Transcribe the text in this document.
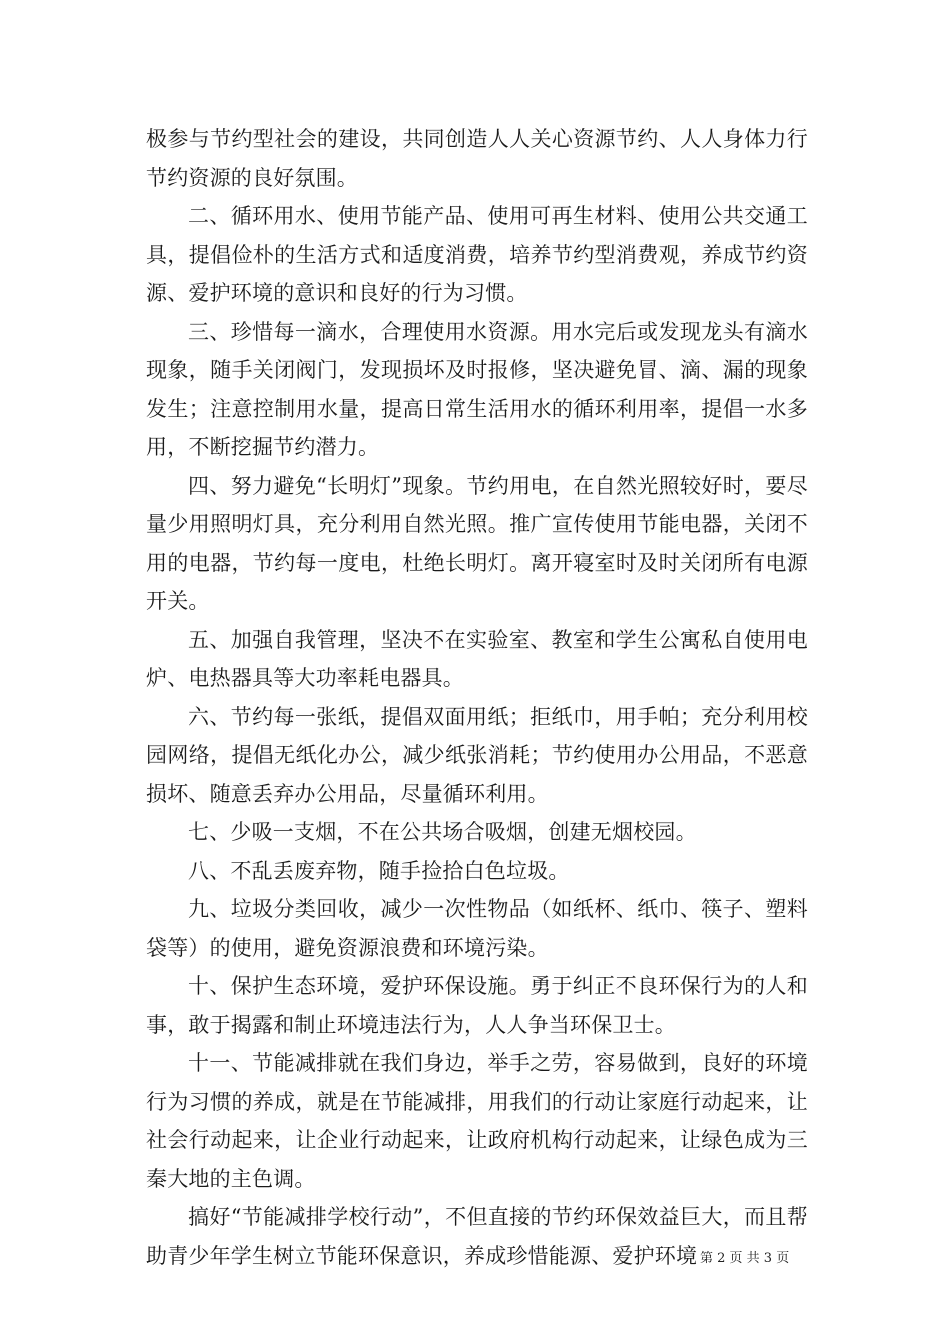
极参与节约型社会的建设，共同创造人人关心资源节约、人人身体力行节约资源的良好氛围。

二、循环用水、使用节能产品、使用可再生材料、使用公共交通工具，提倡俭朴的生活方式和适度消费，培养节约型消费观，养成节约资源、爱护环境的意识和良好的行为习惯。

三、珍惜每一滴水，合理使用水资源。用水完后或发现龙头有滴水现象，随手关闭阀门，发现损坏及时报修，坚决避免冒、滴、漏的现象发生；注意控制用水量，提高日常生活用水的循环利用率，提倡一水多用，不断挖掘节约潜力。

四、努力避免“长明灯”现象。节约用电，在自然光照较好时，要尽量少用照明灯具，充分利用自然光照。推广宣传使用节能电器，关闭不用的电器，节约每一度电，杜绝长明灯。离开寝室时及时关闭所有电源开关。

五、加强自我管理，坚决不在实验室、教室和学生公寓私自使用电炉、电热器具等大功率耗电器具。

六、节约每一张纸，提倡双面用纸；拒纸巾，用手帕；充分利用校园网络，提倡无纸化办公，减少纸张消耗；节约使用办公用品，不恶意损坏、随意丢弃办公用品，尽量循环利用。

七、少吸一支烟，不在公共场合吸烟，创建无烟校园。

八、不乱丢废弃物，随手捡拾白色垃圾。

九、垃圾分类回收，减少一次性物品（如纸杯、纸巾、筷子、塑料袋等）的使用，避免资源浪费和环境污染。

十、保护生态环境，爱护环保设施。勇于纠正不良环保行为的人和事，敢于揭露和制止环境违法行为，人人争当环保卫士。

十一、节能减排就在我们身边，举手之劳，容易做到，良好的环境行为习惯的养成，就是在节能减排，用我们的行动让家庭行动起来，让社会行动起来，让企业行动起来，让政府机构行动起来，让绿色成为三秦大地的主色调。

搞好“节能减排学校行动”，不但直接的节约环保效益巨大，而且帮助青少年学生树立节能环保意识，养成珍惜能源、爱护环境 第 2 页 共 3 页
